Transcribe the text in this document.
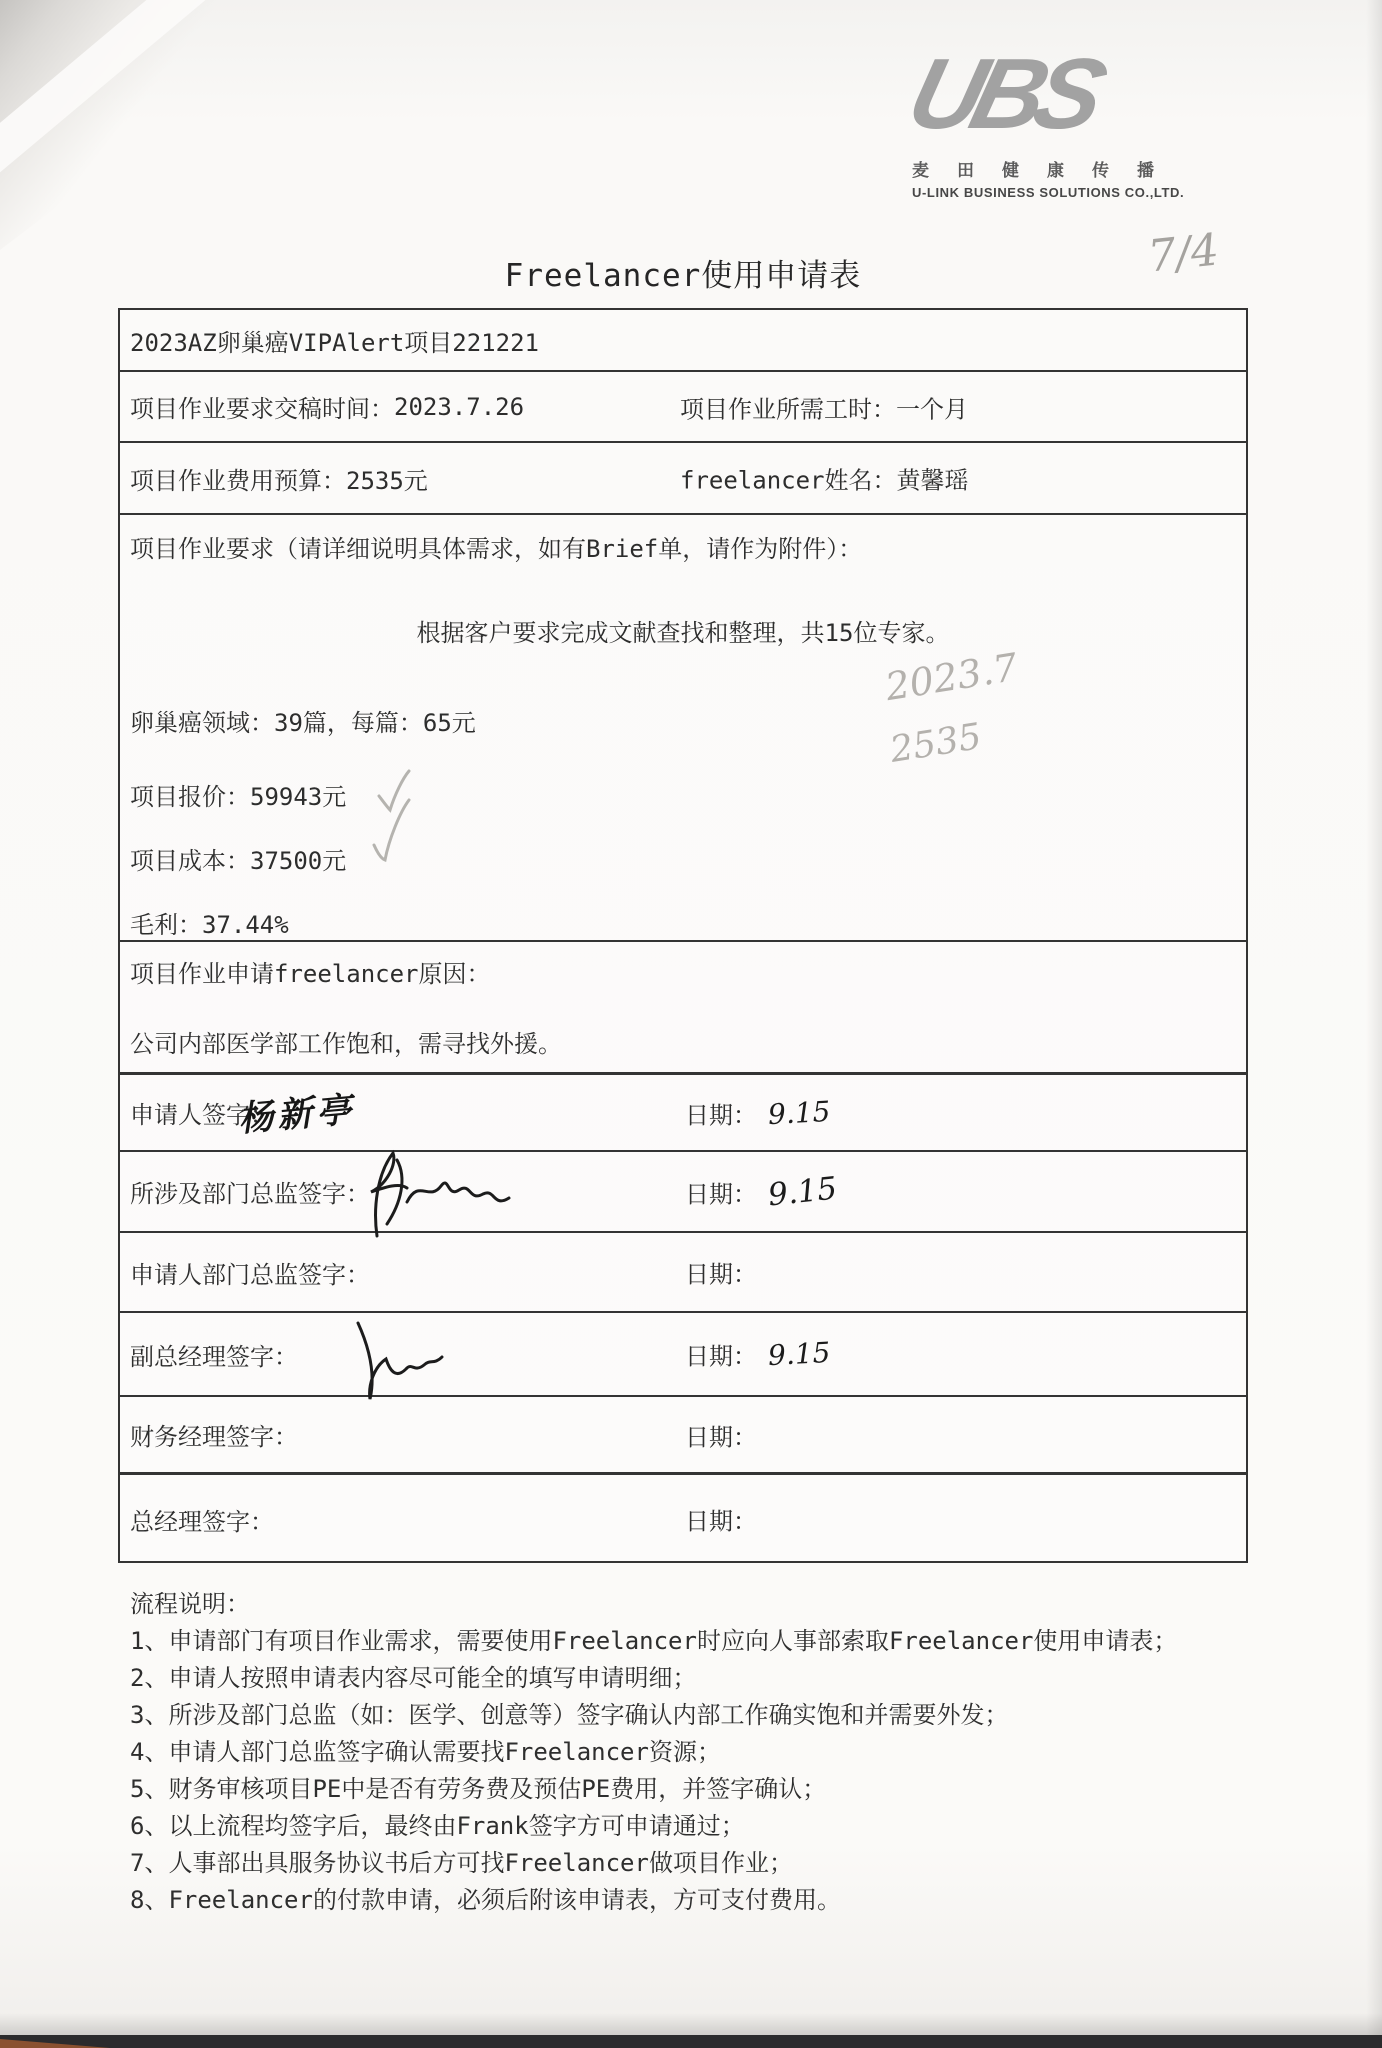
UBS
麦田健康传播
U-LINK BUSINESS SOLUTIONS CO.,LTD.
7/4
Freelancer使用申请表
2023AZ卵巢癌VIPAlert项目221221
项目作业要求交稿时间： 2023.7.26	项目作业所需工时：一个月
项目作业费用预算： 2535元	freelancer姓名：黄馨瑶
项目作业要求（请详细说明具体需求，如有Brief单，请作为附件）：
根据客户要求完成文献查找和整理，共15位专家。
卵巢癌领域：39篇，每篇：65元
项目报价：59943元
项目成本：37500元
毛利：37.44%
2023.7
2535
项目作业申请freelancer原因：
公司内部医学部工作饱和，需寻找外援。
申请人签字：
杨新亭	日期： 9.15
所涉及部门总监签字：	日期： 9.15
申请人部门总监签字：	日期：
副总经理签字：	日期： 9.15
财务经理签字：	日期：
总经理签字：	日期：
流程说明：
1、申请部门有项目作业需求，需要使用Freelancer时应向人事部索取Freelancer使用申请表；
2、申请人按照申请表内容尽可能全的填写申请明细；
3、所涉及部门总监（如：医学、创意等）签字确认内部工作确实饱和并需要外发；
4、申请人部门总监签字确认需要找Freelancer资源；
5、财务审核项目PE中是否有劳务费及预估PE费用，并签字确认；
6、以上流程均签字后，最终由Frank签字方可申请通过；
7、人事部出具服务协议书后方可找Freelancer做项目作业；
8、Freelancer的付款申请，必须后附该申请表，方可支付费用。
